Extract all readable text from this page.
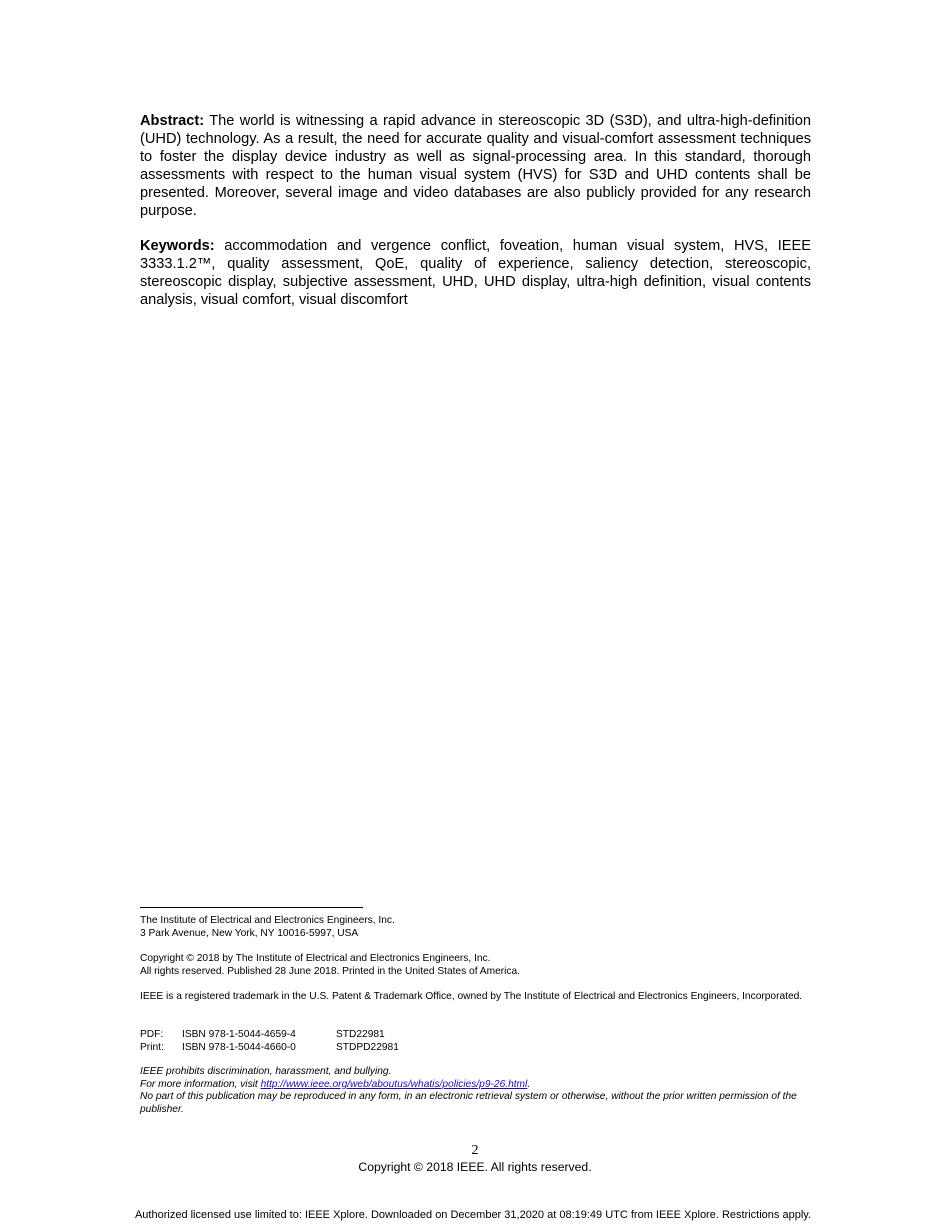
Abstract: The world is witnessing a rapid advance in stereoscopic 3D (S3D), and ultra-high-definition (UHD) technology. As a result, the need for accurate quality and visual-comfort assessment techniques to foster the display device industry as well as signal-processing area. In this standard, thorough assessments with respect to the human visual system (HVS) for S3D and UHD contents shall be presented. Moreover, several image and video databases are also publicly provided for any research purpose.

Keywords: accommodation and vergence conflict, foveation, human visual system, HVS, IEEE 3333.1.2™, quality assessment, QoE, quality of experience, saliency detection, stereoscopic, stereoscopic display, subjective assessment, UHD, UHD display, ultra-high definition, visual contents analysis, visual comfort, visual discomfort

The Institute of Electrical and Electronics Engineers, Inc.
3 Park Avenue, New York, NY 10016-5997, USA
Copyright © 2018 by The Institute of Electrical and Electronics Engineers, Inc.
All rights reserved. Published 28 June 2018. Printed in the United States of America.
IEEE is a registered trademark in the U.S. Patent & Trademark Office, owned by The Institute of Electrical and Electronics Engineers, Incorporated.
PDF:	ISBN 978-1-5044-4659-4	STD22981
Print:	ISBN 978-1-5044-4660-0	STDPD22981
IEEE prohibits discrimination, harassment, and bullying.
For more information, visit http://www.ieee.org/web/aboutus/whatis/policies/p9-26.html.
No part of this publication may be reproduced in any form, in an electronic retrieval system or otherwise, without the prior written permission of the publisher.
2
Copyright © 2018 IEEE. All rights reserved.
Authorized licensed use limited to: IEEE Xplore. Downloaded on December 31,2020 at 08:19:49 UTC from IEEE Xplore. Restrictions apply.
